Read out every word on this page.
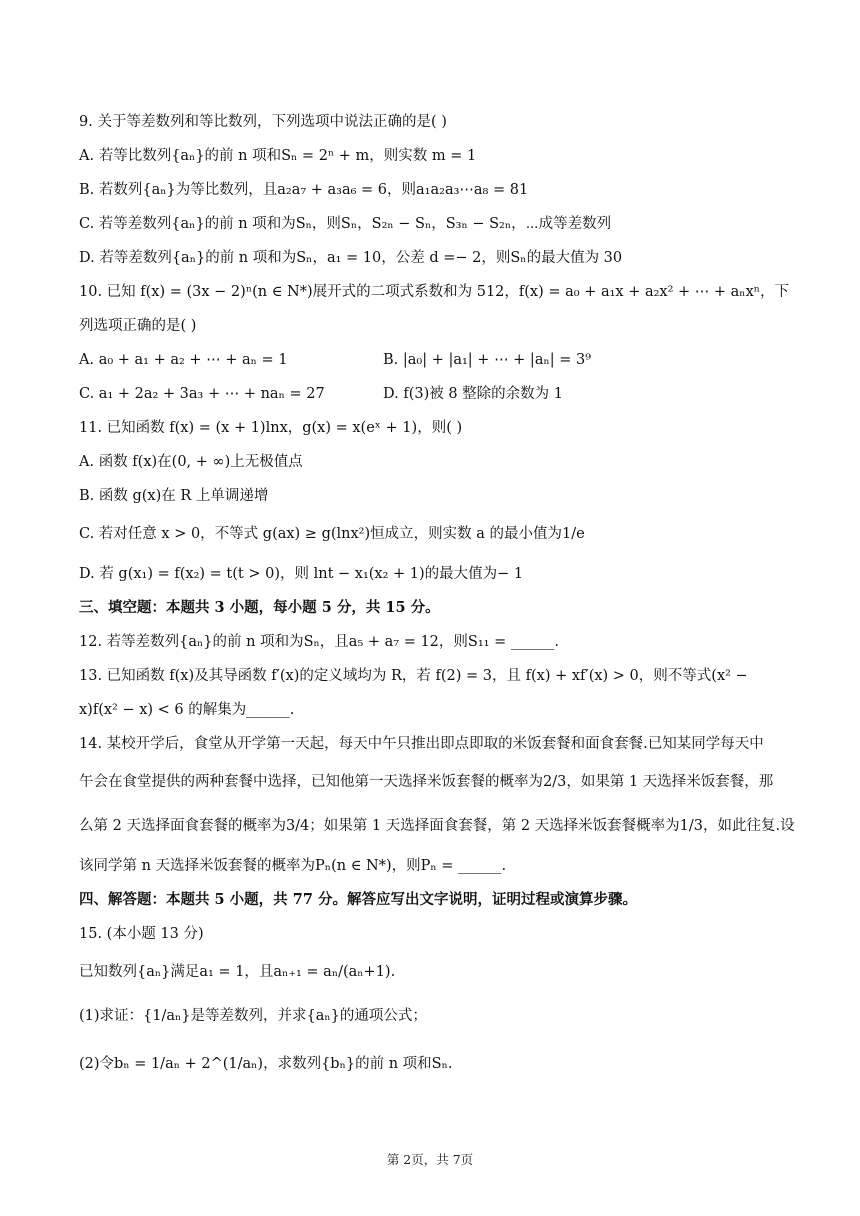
9. 关于等差数列和等比数列，下列选项中说法正确的是( )
A. 若等比数列{aₙ}的前 n 项和Sₙ = 2ⁿ + m，则实数 m = 1
B. 若数列{aₙ}为等比数列，且a₂a₇ + a₃a₆ = 6，则a₁a₂a₃⋯a₈ = 81
C. 若等差数列{aₙ}的前 n 项和为Sₙ，则Sₙ，S₂ₙ − Sₙ，S₃ₙ − S₂ₙ，⋯成等差数列
D. 若等差数列{aₙ}的前 n 项和为Sₙ，a₁ = 10，公差 d =− 2，则Sₙ的最大值为 30
10. 已知 f(x) = (3x − 2)ⁿ(n ∈ N*)展开式的二项式系数和为 512，f(x) = a₀ + a₁x + a₂x² + ⋯ + aₙxⁿ，下
列选项正确的是( )
A. a₀ + a₁ + a₂ + ⋯ + aₙ = 1	B. |a₀| + |a₁| + ⋯ + |aₙ| = 3⁹
C. a₁ + 2a₂ + 3a₃ + ⋯ + naₙ = 27	D. f(3)被 8 整除的余数为 1
11. 已知函数 f(x) = (x + 1)lnx，g(x) = x(eˣ + 1)，则( )
A. 函数 f(x)在(0, + ∞)上无极值点
B. 函数 g(x)在 R 上单调递增
C. 若对任意 x > 0，不等式 g(ax) ≥ g(lnx²)恒成立，则实数 a 的最小值为1/e
D. 若 g(x₁) = f(x₂) = t(t > 0)，则 lnt − x₁(x₂ + 1)的最大值为− 1
三、填空题：本题共 3 小题，每小题 5 分，共 15 分。
12. 若等差数列{aₙ}的前 n 项和为Sₙ，且a₅ + a₇ = 12，则S₁₁ = ______.
13. 已知函数 f(x)及其导函数 f′(x)的定义域均为 R，若 f(2) = 3，且 f(x) + xf′(x) > 0，则不等式(x² −
x)f(x² − x) < 6 的解集为______.
14. 某校开学后，食堂从开学第一天起，每天中午只推出即点即取的米饭套餐和面食套餐.已知某同学每天中
午会在食堂提供的两种套餐中选择，已知他第一天选择米饭套餐的概率为2/3，如果第 1 天选择米饭套餐，那
么第 2 天选择面食套餐的概率为3/4；如果第 1 天选择面食套餐，第 2 天选择米饭套餐概率为1/3，如此往复.设
该同学第 n 天选择米饭套餐的概率为Pₙ(n ∈ N*)，则Pₙ = ______.
四、解答题：本题共 5 小题，共 77 分。解答应写出文字说明，证明过程或演算步骤。
15. (本小题 13 分)
已知数列{aₙ}满足a₁ = 1，且aₙ₊₁ = aₙ/(aₙ+1).
(1)求证：{1/aₙ}是等差数列，并求{aₙ}的通项公式；
(2)令bₙ = 1/aₙ + 2^(1/aₙ)，求数列{bₙ}的前 n 项和Sₙ.
第 2页，共 7页
